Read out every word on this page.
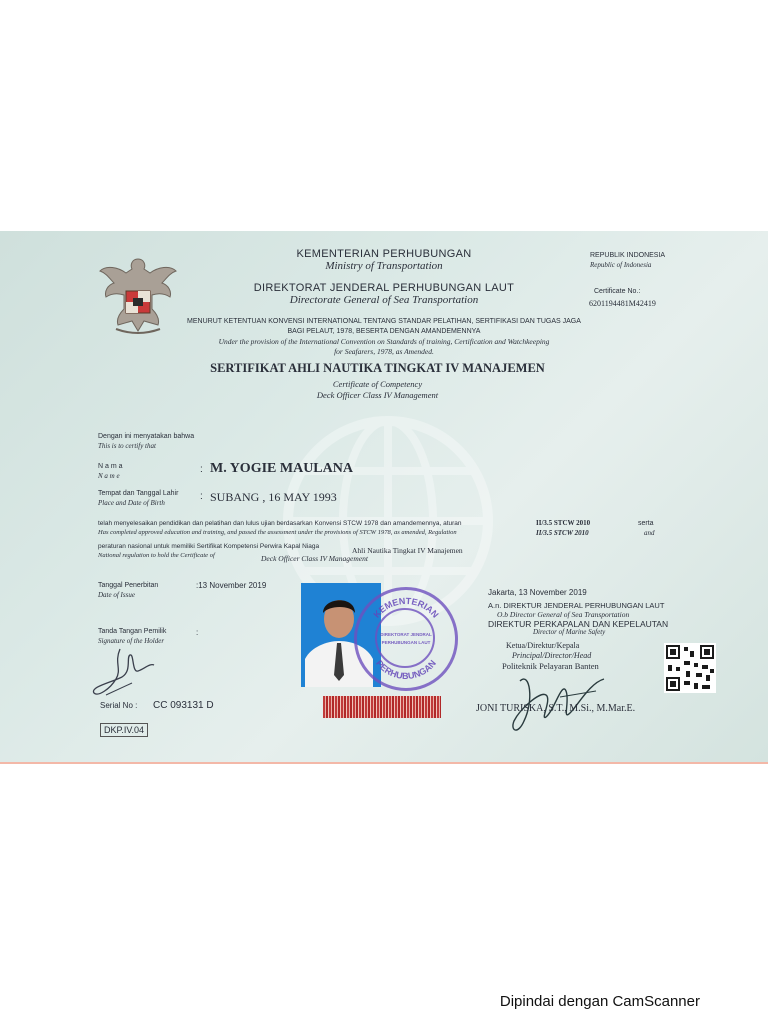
KEMENTERIAN PERHUBUNGAN
Ministry of Transportation
DIREKTORAT JENDERAL PERHUBUNGAN LAUT
Directorate General of Sea Transportation
REPUBLIK INDONESIA
Republic of Indonesia
Certificate No.:
6201194481M42419
MENURUT KETENTUAN KONVENSI INTERNATIONAL TENTANG STANDAR PELATIHAN, SERTIFIKASI DAN TUGAS JAGA
BAGI PELAUT, 1978, BESERTA DENGAN AMANDEMENNYA
Under the provision of the International Convention on Standards of training, Certification and Watchkeeping
for Seafarers, 1978, as Amended.
SERTIFIKAT AHLI NAUTIKA TINGKAT IV MANAJEMEN
Certificate of Competency
Deck Officer Class IV Management
Dengan ini menyatakan bahwa
This is to certify that
N a m a
N a m e
: M. YOGIE MAULANA
Tempat dan Tanggal Lahir
Place and Date of Birth
: SUBANG , 16 MAY 1993
telah menyelesaikan pendidikan dan pelatihan dan lulus ujian berdasarkan Konvensi STCW 1978 dan amandemennya, aturan	II/3.5 STCW 2010	serta
Has completed approved education and training, and passed the assessment under the provisions of STCW 1978, as amended, Regulation	II/3.5 STCW 2010	and
peraturan nasional untuk memiliki Sertifikat Kompetensi Perwira Kapal Niaga
National regulation to hold the Certificate of
Ahli Nautika Tingkat IV Manajemen
Deck Officer Class IV Management
Tanggal Penerbitan
Date of Issue
:13 November 2019
Tanda Tangan Pemilik
Signature of the Holder
:
Serial No : CC 093131 D
DKP.IV.04
KEMENTERIAN
PERHUBUNGAN
DIREKTORAT JENDRAL
PERHUBUNGAN LAUT
Jakarta, 13 November 2019
A.n. DIREKTUR JENDERAL PERHUBUNGAN LAUT
O.b Director General of Sea Transportation
DIREKTUR PERKAPALAN DAN KEPELAUTAN
Director of Marine Safety
Ketua/Direktur/Kepala
Principal/Director/Head
Politeknik Pelayaran Banten
JONI TURISKA, S.T., M.Si., M.Mar.E.
Dipindai dengan CamScanner
